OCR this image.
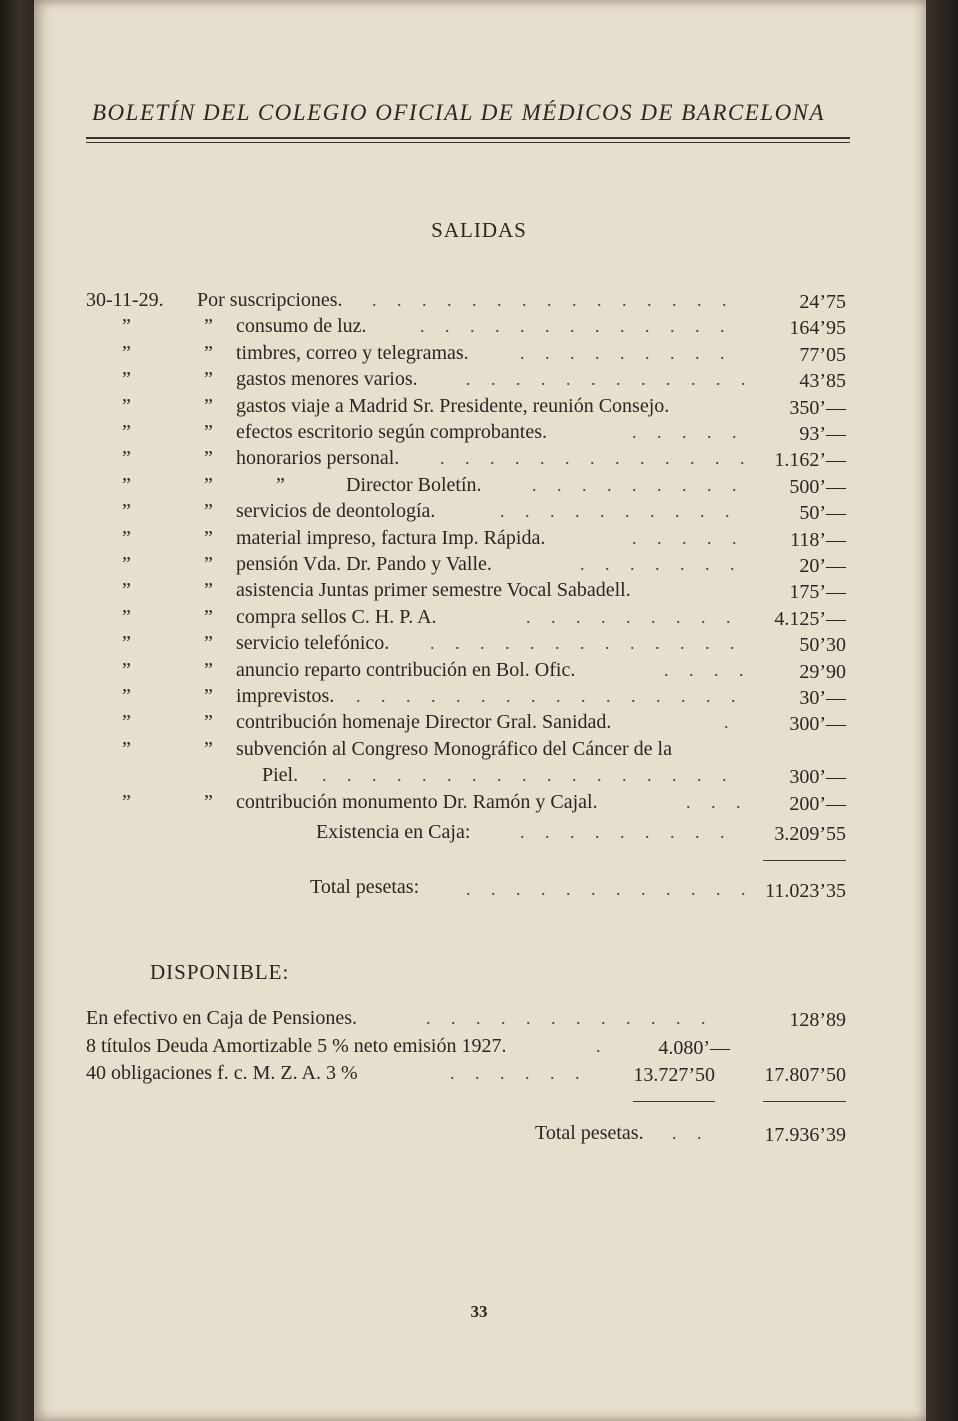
BOLETÍN DEL COLEGIO OFICIAL DE MÉDICOS DE BARCELONA
SALIDAS
30-11-29. Por suscripciones. . . . . . . . . . . . . . . .	24’75
”	” consumo de luz.	. . . . . . . . . . . . .	164’95
”	” timbres, correo y telegramas.	. . . . . . . . .	77’05
”	” gastos menores varios.	. . . . . . . . . . . . 43’85
”	” gastos viaje a Madrid Sr. Presidente, reunión Consejo.	350’—
”	” efectos escritorio según comprobantes.	. . . . .	93’—
”	” honorarios personal. . . . . . . . . . . . . . 1.162’—
”	”	”	Director Boletín.	. . . . . . . . .	500’—
”	” servicios de deontología.	. . . . . . . . . .	50’—
”	” material impreso, factura Imp. Rápida.	. . . . .	118’—
”	” pensión Vda. Dr. Pando y Valle.	. . . . . . .	20’—
”	” asistencia Juntas primer semestre Vocal Sabadell.	175’—
”	” compra sellos C. H. P. A.	. . . . . . . . .	4.125’—
”	” servicio telefónico. . . . . . . . . . . . . .	50’30
”	” anuncio reparto contribución en Bol. Ofic.	. . . . 29’90
”	” imprevistos. . . . . . . . . . . . . . . . .	30’—
”	” contribución homenaje Director Gral. Sanidad.	.	300’—
”	” subvención al Congreso Monográfico del Cáncer de la
Piel. . . . . . . . . . . . . . . . . .	300’—
”	” contribución monumento Dr. Ramón y Cajal.	. . .	200’—
Existencia en Caja:	. . . . . . . . .	3.209’55
Total pesetas:	. . . . . . . . . . . . 11.023’35
DISPONIBLE:
En efectivo en Caja de Pensiones.	. . . . . . . . . . . .	128’89
8 títulos Deuda Amortizable 5 % neto emisión 1927.	.	4.080’—
40 obligaciones f. c. M. Z. A. 3 %	. . . . . .	13.727’50 17.807’50
Total pesetas. . .	17.936’39
33
